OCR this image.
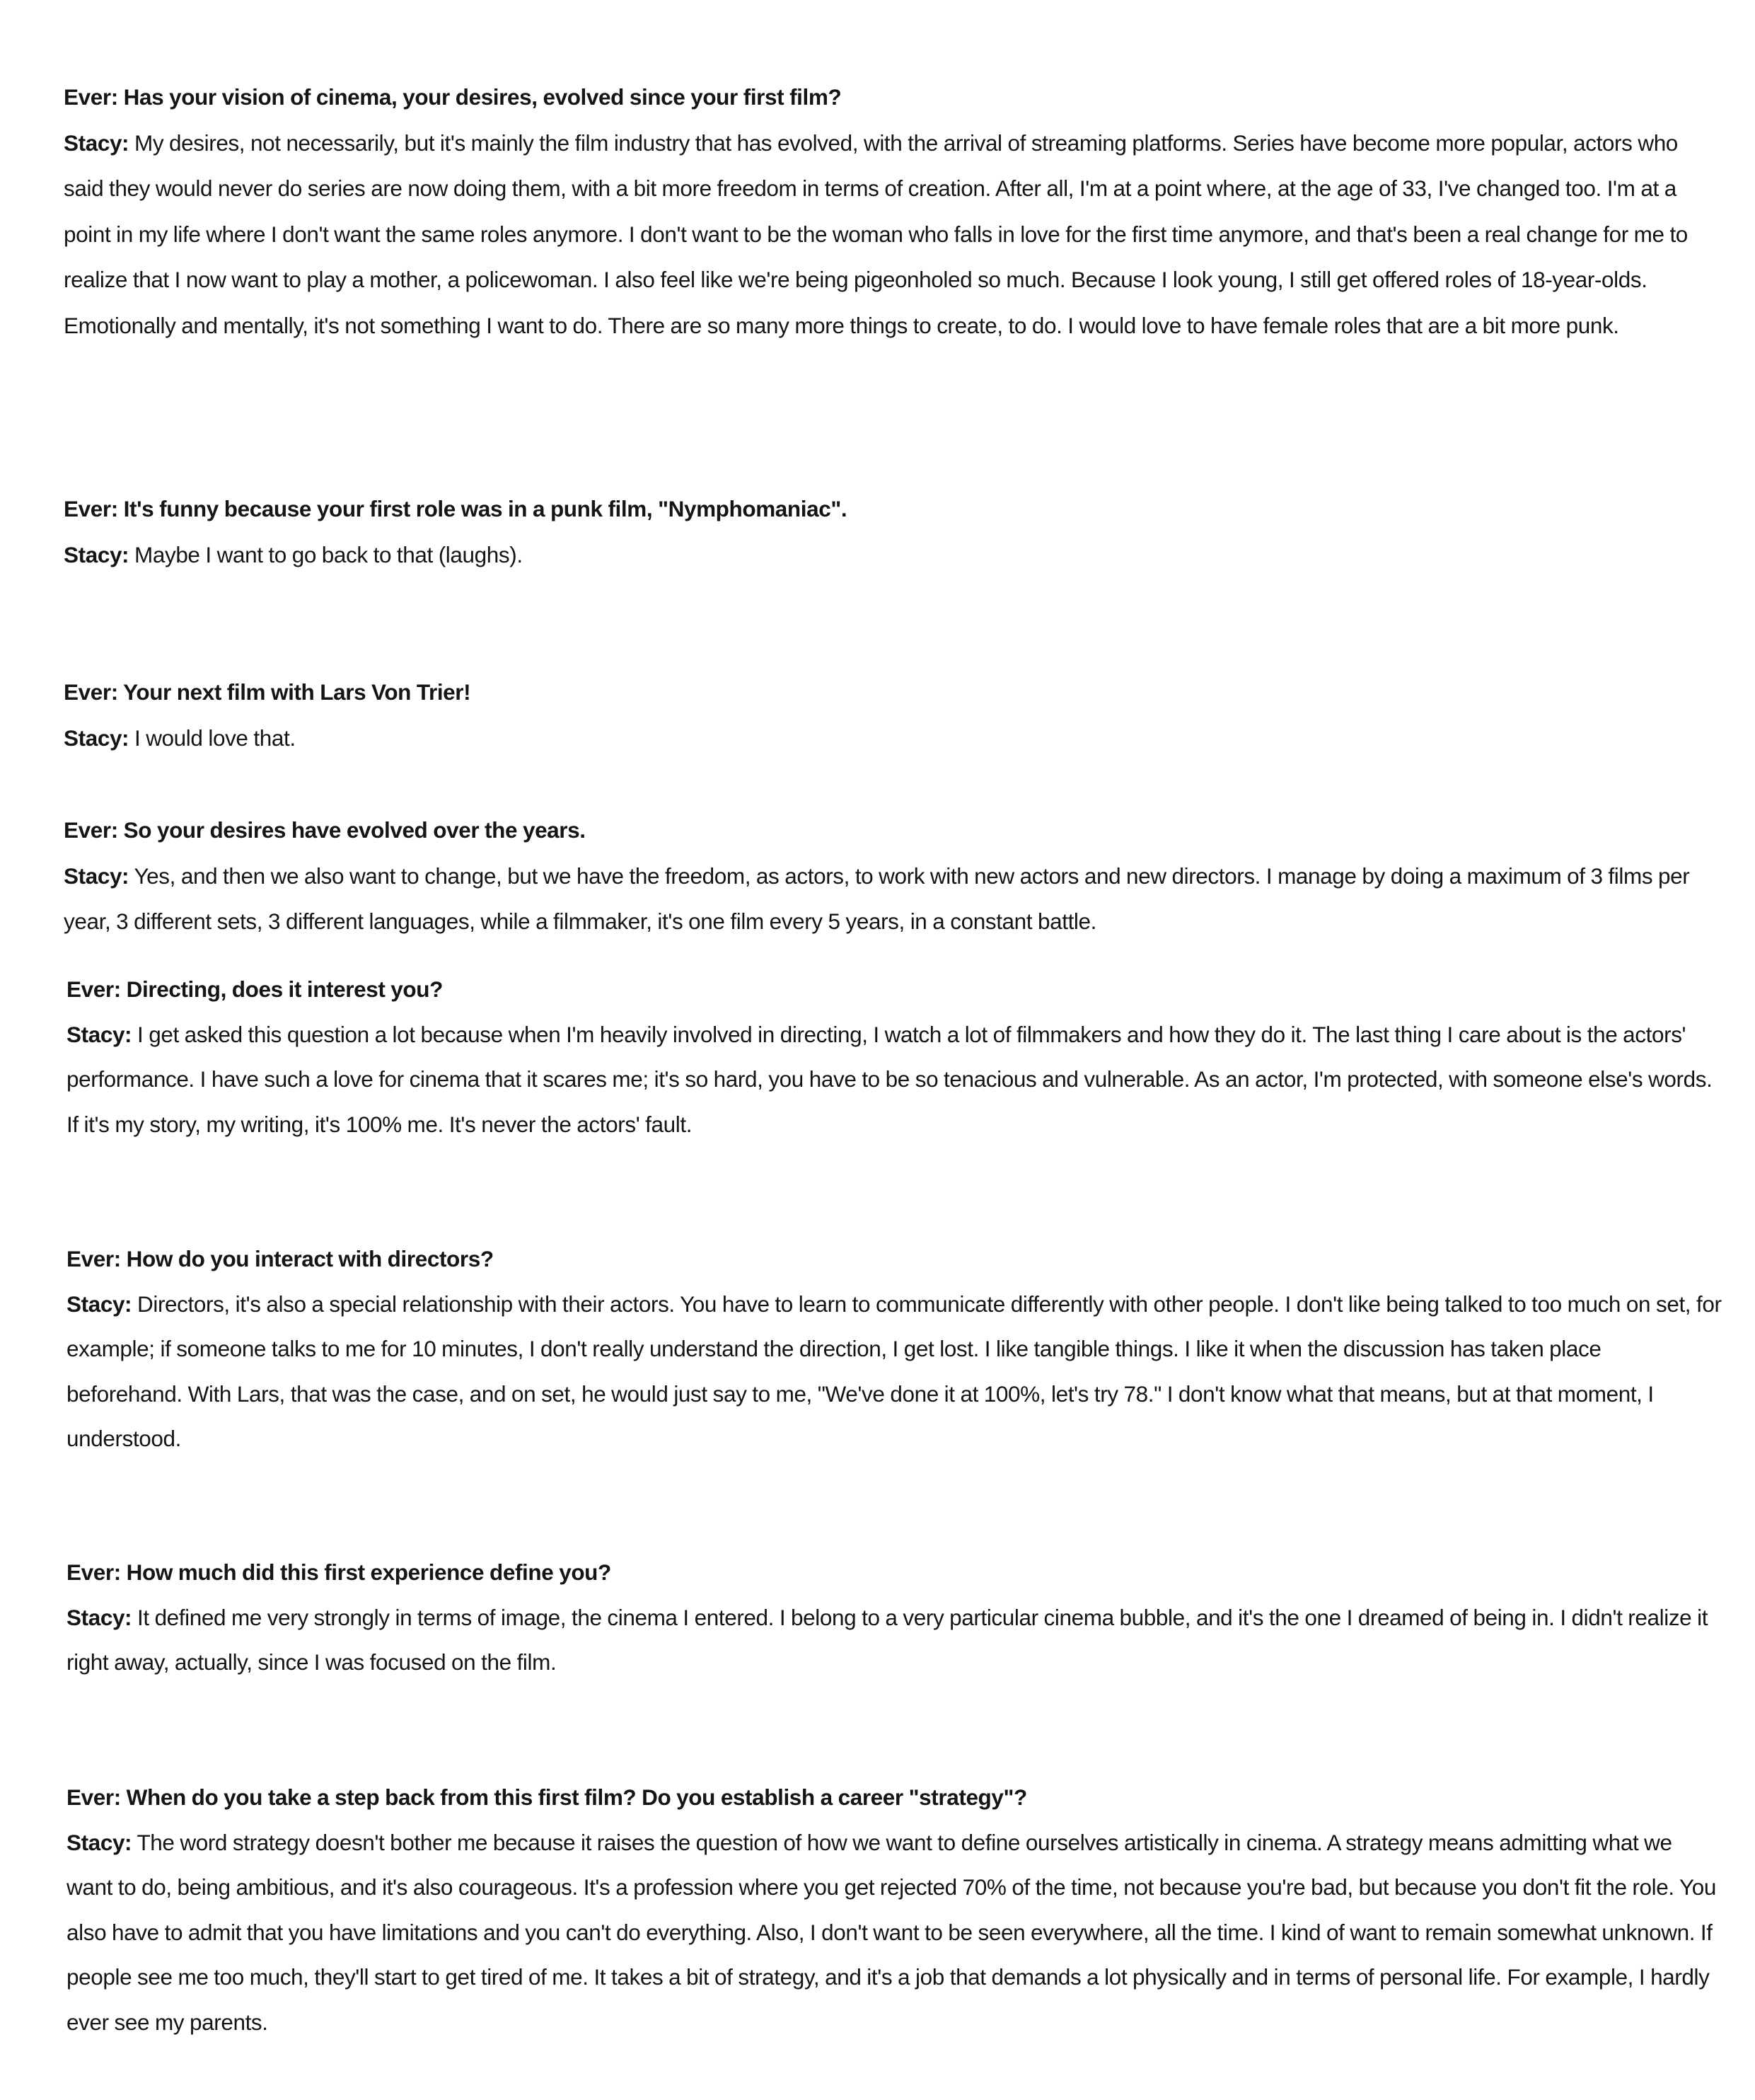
Ever: Has your vision of cinema, your desires, evolved since your first film?

Stacy: My desires, not necessarily, but it's mainly the film industry that has evolved, with the arrival of streaming platforms. Series have become more popular, actors who said they would never do series are now doing them, with a bit more freedom in terms of creation. After all, I'm at a point where, at the age of 33, I've changed too. I'm at a point in my life where I don't want the same roles anymore. I don't want to be the woman who falls in love for the first time anymore, and that's been a real change for me to realize that I now want to play a mother, a policewoman. I also feel like we're being pigeonholed so much. Because I look young, I still get offered roles of 18-year-olds. Emotionally and mentally, it's not something I want to do. There are so many more things to create, to do. I would love to have female roles that are a bit more punk.

Ever: It's funny because your first role was in a punk film, "Nymphomaniac".

Stacy: Maybe I want to go back to that (laughs).

Ever: Your next film with Lars Von Trier!

Stacy: I would love that.

Ever: So your desires have evolved over the years.

Stacy: Yes, and then we also want to change, but we have the freedom, as actors, to work with new actors and new directors. I manage by doing a maximum of 3 films per year, 3 different sets, 3 different languages, while a filmmaker, it's one film every 5 years, in a constant battle.

Ever: Directing, does it interest you?

Stacy: I get asked this question a lot because when I'm heavily involved in directing, I watch a lot of filmmakers and how they do it. The last thing I care about is the actors' performance. I have such a love for cinema that it scares me; it's so hard, you have to be so tenacious and vulnerable. As an actor, I'm protected, with someone else's words. If it's my story, my writing, it's 100% me. It's never the actors' fault.

Ever: How do you interact with directors?

Stacy: Directors, it's also a special relationship with their actors. You have to learn to communicate differently with other people. I don't like being talked to too much on set, for example; if someone talks to me for 10 minutes, I don't really understand the direction, I get lost. I like tangible things. I like it when the discussion has taken place beforehand. With Lars, that was the case, and on set, he would just say to me, "We've done it at 100%, let's try 78." I don't know what that means, but at that moment, I understood.

Ever: How much did this first experience define you?

Stacy: It defined me very strongly in terms of image, the cinema I entered. I belong to a very particular cinema bubble, and it's the one I dreamed of being in. I didn't realize it right away, actually, since I was focused on the film.

Ever: When do you take a step back from this first film? Do you establish a career "strategy"?

Stacy: The word strategy doesn't bother me because it raises the question of how we want to define ourselves artistically in cinema. A strategy means admitting what we want to do, being ambitious, and it's also courageous. It's a profession where you get rejected 70% of the time, not because you're bad, but because you don't fit the role. You also have to admit that you have limitations and you can't do everything. Also, I don't want to be seen everywhere, all the time. I kind of want to remain somewhat unknown. If people see me too much, they'll start to get tired of me. It takes a bit of strategy, and it's a job that demands a lot physically and in terms of personal life. For example, I hardly ever see my parents.
